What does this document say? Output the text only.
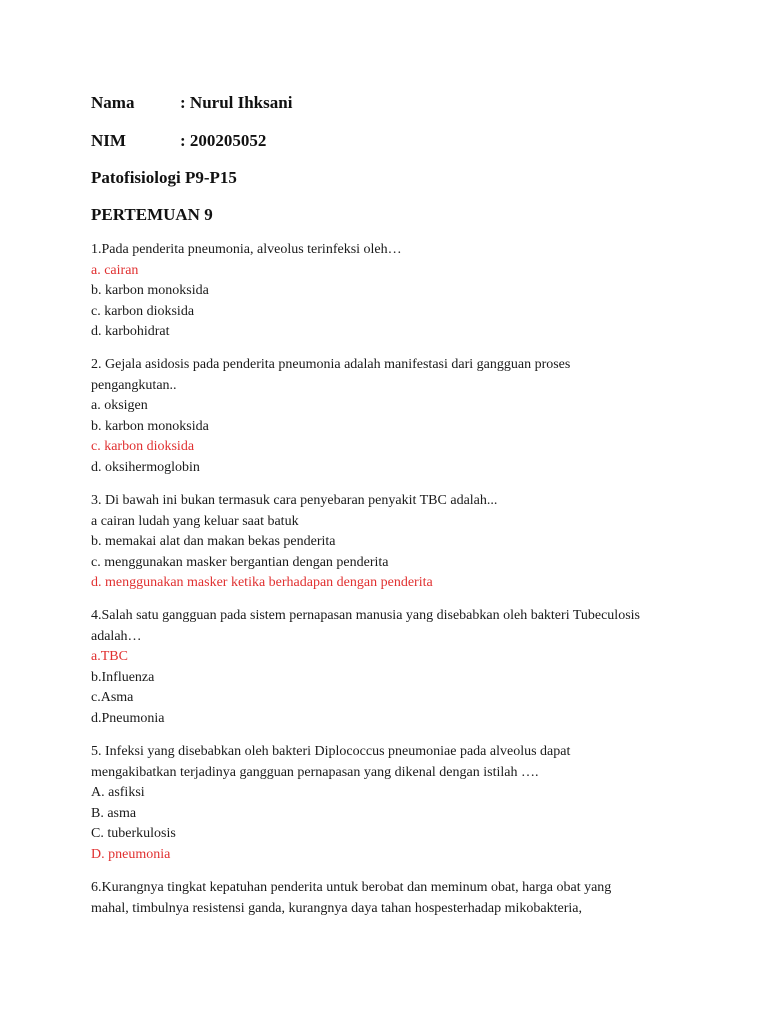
Nama	: Nurul Ihksani
NIM	: 200205052
Patofisiologi P9-P15
PERTEMUAN 9

1.Pada penderita pneumonia, alveolus terinfeksi oleh…

a. cairan

b. karbon monoksida

c. karbon dioksida

d. karbohidrat

2. Gejala asidosis pada penderita pneumonia adalah manifestasi dari gangguan proses pengangkutan..

a. oksigen

b. karbon monoksida

c. karbon dioksida

d. oksihermoglobin

3. Di bawah ini bukan termasuk cara penyebaran penyakit TBC adalah...

a cairan ludah yang keluar saat batuk

b. memakai alat dan makan bekas penderita

c. menggunakan masker bergantian dengan penderita

d. menggunakan masker ketika berhadapan dengan penderita

4.Salah satu gangguan pada sistem pernapasan manusia yang disebabkan oleh bakteri Tubeculosis adalah…

a.TBC

b.Influenza

c.Asma

d.Pneumonia

5. Infeksi yang disebabkan oleh bakteri Diplococcus pneumoniae pada alveolus dapat mengakibatkan terjadinya gangguan pernapasan yang dikenal dengan istilah ….

A. asfiksi

B. asma

C. tuberkulosis

D. pneumonia

6.Kurangnya tingkat kepatuhan penderita untuk berobat dan meminum obat, harga obat yang mahal, timbulnya resistensi ganda, kurangnya daya tahan hospesterhadap mikobakteria,
